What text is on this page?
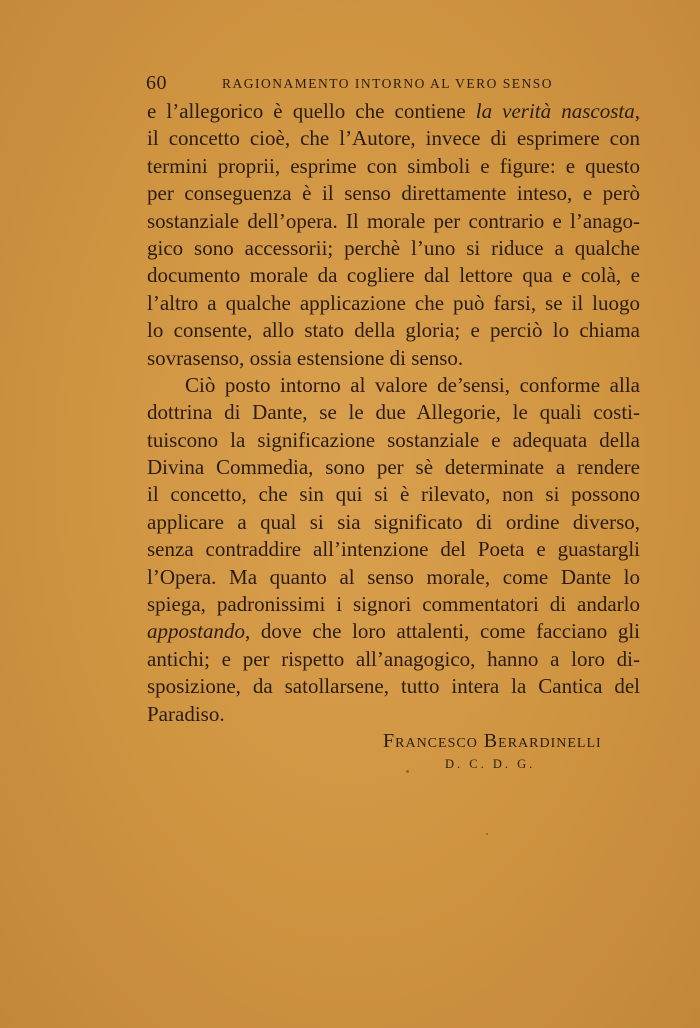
60	RAGIONAMENTO INTORNO AL VERO SENSO
e l’allegorico è quello che contiene la verità nascosta,
il concetto cioè, che l’Autore, invece di esprimere con
termini proprii, esprime con simboli e figure: e questo
per conseguenza è il senso direttamente inteso, e però
sostanziale dell’opera. Il morale per contrario e l’anago-
gico sono accessorii; perchè l’uno si riduce a qualche
documento morale da cogliere dal lettore qua e colà, e
l’altro a qualche applicazione che può farsi, se il luogo
lo consente, allo stato della gloria; e perciò lo chiama
sovrasenso, ossia estensione di senso.
Ciò posto intorno al valore de’sensi, conforme alla
dottrina di Dante, se le due Allegorie, le quali costi-
tuiscono la significazione sostanziale e adequata della
Divina Commedia, sono per sè determinate a rendere
il concetto, che sin qui si è rilevato, non si possono
applicare a qual si sia significato di ordine diverso,
senza contraddire all’intenzione del Poeta e guastargli
l’Opera. Ma quanto al senso morale, come Dante lo
spiega, padronissimi i signori commentatori di andarlo
appostando, dove che loro attalenti, come facciano gli
antichi; e per rispetto all’anagogico, hanno a loro di-
sposizione, da satollarsene, tutto intera la Cantica del
Paradiso.
Francesco Berardinelli
D. C. D. G.
